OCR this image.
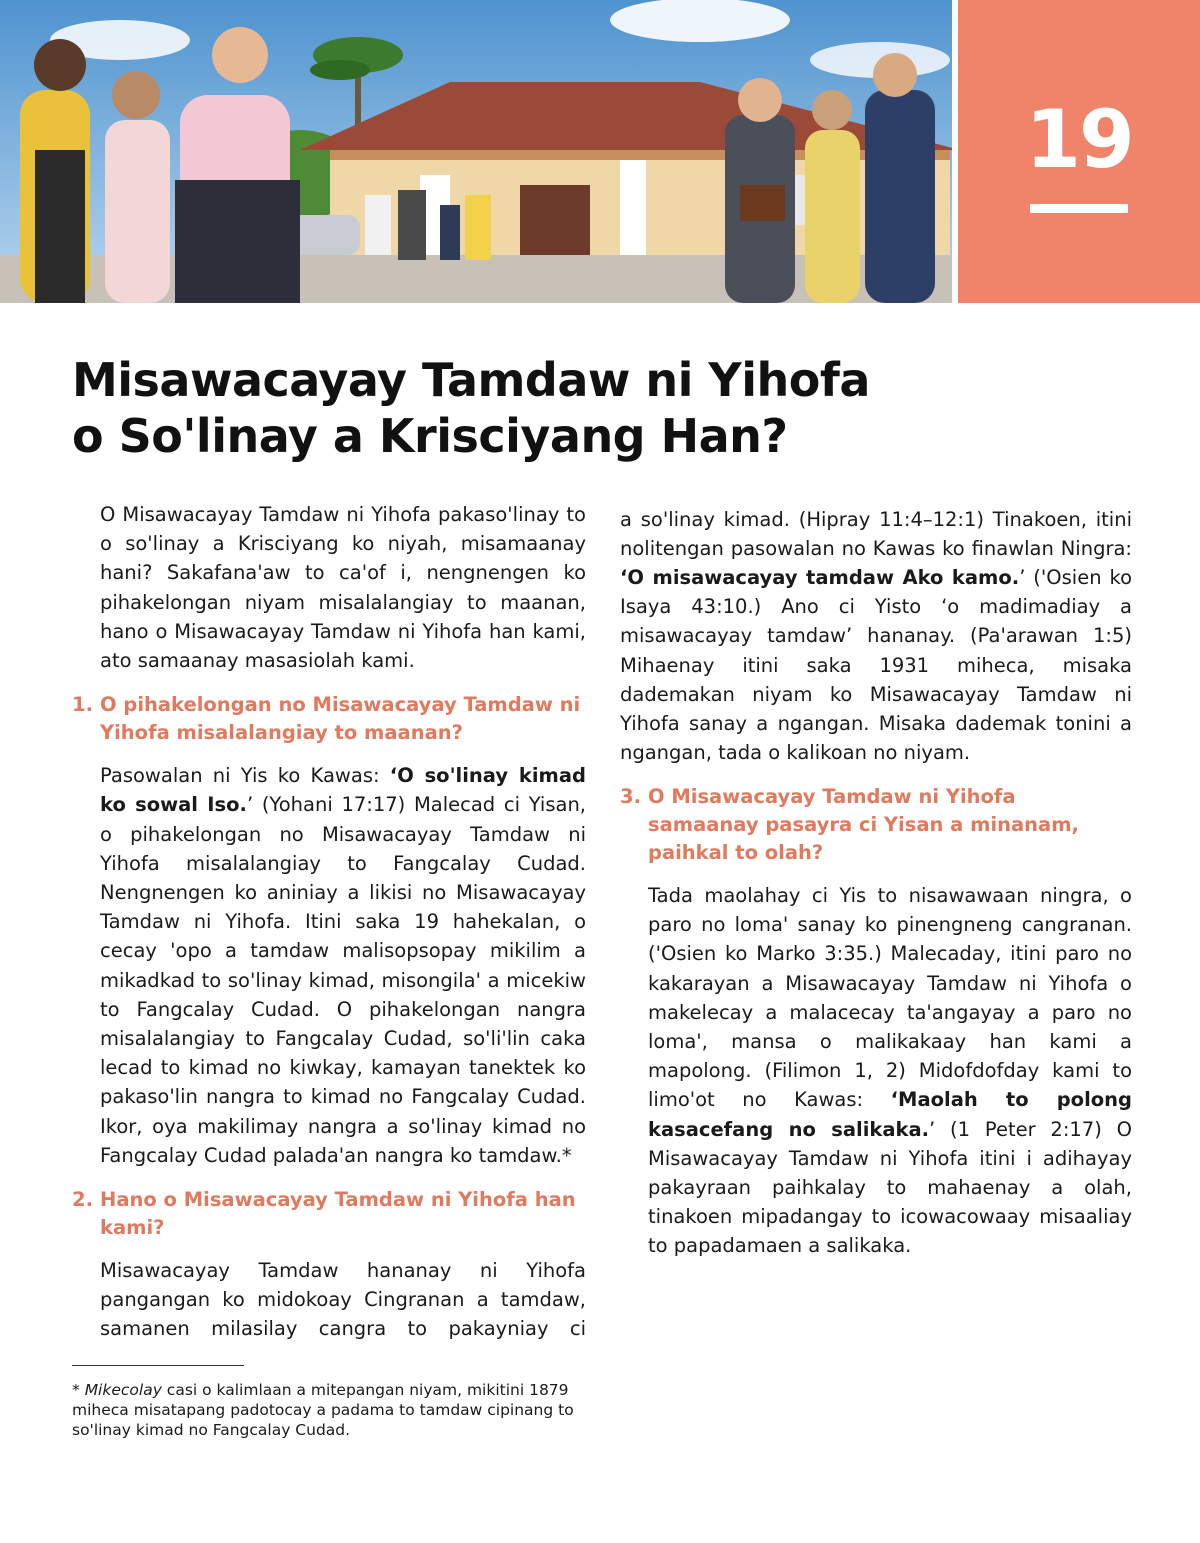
19
Misawacayay Tamdaw ni Yihofa
o So'linay a Krisciyang Han?

O Misawacayay Tamdaw ni Yihofa pakaso'linay to o so'linay a Krisciyang ko niyah, misamaanay hani? Sakafana'aw to ca'of i, nengnengen ko pihakelongan niyam misalalangiay to maanan, hano o Misawacayay Tamdaw ni Yihofa han kami, ato samaanay masasiolah kami.

1. O pihakelongan no Misawacayay Tamdaw ni Yihofa misalalangiay to maanan?

Pasowalan ni Yis ko Kawas: ‘O so'linay kimad ko sowal Iso.’ (Yohani 17:17) Malecad ci Yisan, o pihakelongan no Misawacayay Tamdaw ni Yihofa misalalangiay to Fangcalay Cudad. Nengnengen ko aniniay a likisi no Misawacayay Tamdaw ni Yihofa. Itini saka 19 hahekalan, o cecay 'opo a tamdaw malisopsopay mikilim a mikadkad to so'linay kimad, misongila' a micekiw to Fangcalay Cudad. O pihakelongan nangra misalalangiay to Fangcalay Cudad, so'li'lin caka lecad to kimad no kiwkay, kamayan tanektek ko pakaso'lin nangra to kimad no Fangcalay Cudad. Ikor, oya makilimay nangra a so'linay kimad no Fangcalay Cudad palada'an nangra ko tamdaw.*

2. Hano o Misawacayay Tamdaw ni Yihofa han kami?

Misawacayay Tamdaw hananay ni Yihofa pangangan ko midokoay Cingranan a tamdaw, samanen milasilay cangra to pakayniay ci

a so'linay kimad. (Hipray 11:4–12:1) Tinakoen, itini nolitengan pasowalan no Kawas ko finawlan Ningra: ‘O misawacayay tamdaw Ako kamo.’ ('Osien ko Isaya 43:10.) Ano ci Yisto ‘o madimadiay a misawacayay tamdaw’ hananay. (Pa'arawan 1:5) Mihaenay itini saka 1931 miheca, misaka dademakan niyam ko Misawacayay Tamdaw ni Yihofa sanay a ngangan. Misaka dademak tonini a ngangan, tada o kalikoan no niyam.

3. O Misawacayay Tamdaw ni Yihofa samaanay pasayra ci Yisan a minanam, paihkal to olah?

Tada maolahay ci Yis to nisawawaan ningra, o paro no loma' sanay ko pinengneng cangranan. ('Osien ko Marko 3:35.) Malecaday, itini paro no kakarayan a Misawacayay Tamdaw ni Yihofa o makelecay a malacecay ta'angayay a paro no loma', mansa o malikakaay han kami a mapolong. (Filimon 1, 2) Midofdofday kami to limo'ot no Kawas: ‘Maolah to polong kasacefang no salikaka.’ (1 Peter 2:17) O Misawacayay Tamdaw ni Yihofa itini i adihayay pakayraan paihkalay to mahaenay a olah, tinakoen mipadangay to icowacowaay misaaliay to papadamaen a salikaka.

* Mikecolay casi o kalimlaan a mitepangan niyam, mikitini 1879 miheca misatapang padotocay a padama to tamdaw cipinang to so'linay kimad no Fangcalay Cudad.
